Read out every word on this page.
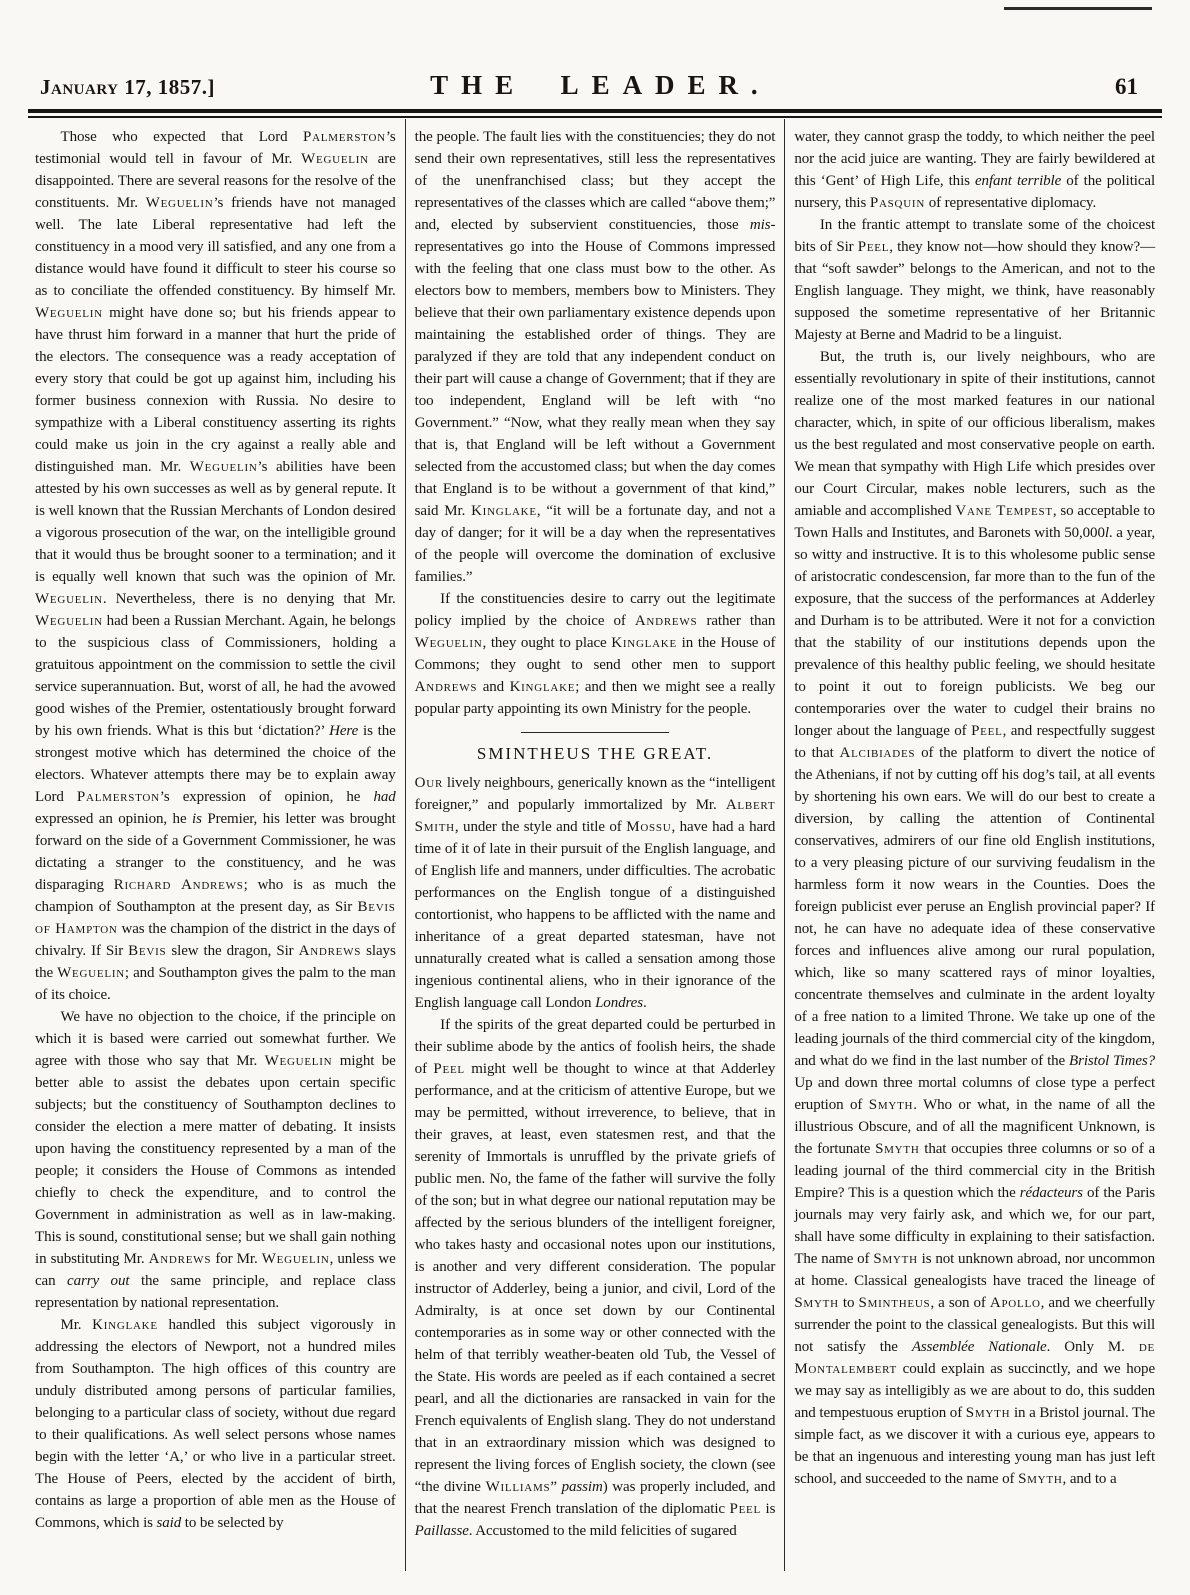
January 17, 1857.]	THE LEADER.	61

Those who expected that Lord Palmerston’s testimonial would tell in favour of Mr. Weguelin are disappointed. There are several reasons for the resolve of the constituents. Mr. Weguelin’s friends have not managed well. The late Liberal representative had left the constituency in a mood very ill satisfied, and any one from a distance would have found it difficult to steer his course so as to conciliate the offended constituency. By himself Mr. Weguelin might have done so; but his friends appear to have thrust him forward in a manner that hurt the pride of the electors. The consequence was a ready acceptation of every story that could be got up against him, including his former business connexion with Russia. No desire to sympathize with a Liberal constituency asserting its rights could make us join in the cry against a really able and distinguished man. Mr. Weguelin’s abilities have been attested by his own successes as well as by general repute. It is well known that the Russian Merchants of London desired a vigorous prosecution of the war, on the intelligible ground that it would thus be brought sooner to a termination; and it is equally well known that such was the opinion of Mr. Weguelin. Nevertheless, there is no denying that Mr. Weguelin had been a Russian Merchant. Again, he belongs to the suspicious class of Commissioners, holding a gratuitous appointment on the commission to settle the civil service superannuation. But, worst of all, he had the avowed good wishes of the Premier, ostentatiously brought forward by his own friends. What is this but ‘dictation?’ Here is the strongest motive which has determined the choice of the electors. Whatever attempts there may be to explain away Lord Palmerston’s expression of opinion, he had expressed an opinion, he is Premier, his letter was brought forward on the side of a Government Commissioner, he was dictating a stranger to the constituency, and he was disparaging Richard Andrews; who is as much the champion of Southampton at the present day, as Sir Bevis of Hampton was the champion of the district in the days of chivalry. If Sir Bevis slew the dragon, Sir Andrews slays the Weguelin; and Southampton gives the palm to the man of its choice.

We have no objection to the choice, if the principle on which it is based were carried out somewhat further. We agree with those who say that Mr. Weguelin might be better able to assist the debates upon certain specific subjects; but the constituency of Southampton declines to consider the election a mere matter of debating. It insists upon having the constituency represented by a man of the people; it considers the House of Commons as intended chiefly to check the expenditure, and to control the Government in administration as well as in law-making. This is sound, constitutional sense; but we shall gain nothing in substituting Mr. Andrews for Mr. Weguelin, unless we can carry out the same principle, and replace class representation by national representation.

Mr. Kinglake handled this subject vigorously in addressing the electors of Newport, not a hundred miles from Southampton. The high offices of this country are unduly distributed among persons of particular families, belonging to a particular class of society, without due regard to their qualifications. As well select persons whose names begin with the letter ‘A,’ or who live in a particular street. The House of Peers, elected by the accident of birth, contains as large a proportion of able men as the House of Commons, which is said to be selected by

the people. The fault lies with the constituencies; they do not send their own representatives, still less the representatives of the unenfranchised class; but they accept the representatives of the classes which are called “above them;” and, elected by subservient constituencies, those mis-representatives go into the House of Commons impressed with the feeling that one class must bow to the other. As electors bow to members, members bow to Ministers. They believe that their own parliamentary existence depends upon maintaining the established order of things. They are paralyzed if they are told that any independent conduct on their part will cause a change of Government; that if they are too independent, England will be left with “no Government.” “Now, what they really mean when they say that is, that England will be left without a Government selected from the accustomed class; but when the day comes that England is to be without a government of that kind,” said Mr. Kinglake, “it will be a fortunate day, and not a day of danger; for it will be a day when the representatives of the people will overcome the domination of exclusive families.”

If the constituencies desire to carry out the legitimate policy implied by the choice of Andrews rather than Weguelin, they ought to place Kinglake in the House of Commons; they ought to send other men to support Andrews and Kinglake; and then we might see a really popular party appointing its own Ministry for the people.

SMINTHEUS THE GREAT.

Our lively neighbours, generically known as the “intelligent foreigner,” and popularly immortalized by Mr. Albert Smith, under the style and title of Mossu, have had a hard time of it of late in their pursuit of the English language, and of English life and manners, under difficulties. The acrobatic performances on the English tongue of a distinguished contortionist, who happens to be afflicted with the name and inheritance of a great departed statesman, have not unnaturally created what is called a sensation among those ingenious continental aliens, who in their ignorance of the English language call London Londres.

If the spirits of the great departed could be perturbed in their sublime abode by the antics of foolish heirs, the shade of Peel might well be thought to wince at that Adderley performance, and at the criticism of attentive Europe, but we may be permitted, without irreverence, to believe, that in their graves, at least, even statesmen rest, and that the serenity of Immortals is unruffled by the private griefs of public men. No, the fame of the father will survive the folly of the son; but in what degree our national reputation may be affected by the serious blunders of the intelligent foreigner, who takes hasty and occasional notes upon our institutions, is another and very different consideration. The popular instructor of Adderley, being a junior, and civil, Lord of the Admiralty, is at once set down by our Continental contemporaries as in some way or other connected with the helm of that terribly weather-beaten old Tub, the Vessel of the State. His words are peeled as if each contained a secret pearl, and all the dictionaries are ransacked in vain for the French equivalents of English slang. They do not understand that in an extraordinary mission which was designed to represent the living forces of English society, the clown (see “the divine Williams” passim) was properly included, and that the nearest French translation of the diplomatic Peel is Paillasse. Accustomed to the mild felicities of sugared

water, they cannot grasp the toddy, to which neither the peel nor the acid juice are wanting. They are fairly bewildered at this ‘Gent’ of High Life, this enfant terrible of the political nursery, this Pasquin of representative diplomacy.

In the frantic attempt to translate some of the choicest bits of Sir Peel, they know not—how should they know?—that “soft sawder” belongs to the American, and not to the English language. They might, we think, have reasonably supposed the sometime representative of her Britannic Majesty at Berne and Madrid to be a linguist.

But, the truth is, our lively neighbours, who are essentially revolutionary in spite of their institutions, cannot realize one of the most marked features in our national character, which, in spite of our officious liberalism, makes us the best regulated and most conservative people on earth. We mean that sympathy with High Life which presides over our Court Circular, makes noble lecturers, such as the amiable and accomplished Vane Tempest, so acceptable to Town Halls and Institutes, and Baronets with 50,000l. a year, so witty and instructive. It is to this wholesome public sense of aristocratic condescension, far more than to the fun of the exposure, that the success of the performances at Adderley and Durham is to be attributed. Were it not for a conviction that the stability of our institutions depends upon the prevalence of this healthy public feeling, we should hesitate to point it out to foreign publicists. We beg our contemporaries over the water to cudgel their brains no longer about the language of Peel, and respectfully suggest to that Alcibiades of the platform to divert the notice of the Athenians, if not by cutting off his dog’s tail, at all events by shortening his own ears. We will do our best to create a diversion, by calling the attention of Continental conservatives, admirers of our fine old English institutions, to a very pleasing picture of our surviving feudalism in the harmless form it now wears in the Counties. Does the foreign publicist ever peruse an English provincial paper? If not, he can have no adequate idea of these conservative forces and influences alive among our rural population, which, like so many scattered rays of minor loyalties, concentrate themselves and culminate in the ardent loyalty of a free nation to a limited Throne. We take up one of the leading journals of the third commercial city of the kingdom, and what do we find in the last number of the Bristol Times? Up and down three mortal columns of close type a perfect eruption of Smyth. Who or what, in the name of all the illustrious Obscure, and of all the magnificent Unknown, is the fortunate Smyth that occupies three columns or so of a leading journal of the third commercial city in the British Empire? This is a question which the rédacteurs of the Paris journals may very fairly ask, and which we, for our part, shall have some difficulty in explaining to their satisfaction. The name of Smyth is not unknown abroad, nor uncommon at home. Classical genealogists have traced the lineage of Smyth to Smintheus, a son of Apollo, and we cheerfully surrender the point to the classical genealogists. But this will not satisfy the Assemblée Nationale. Only M. de Montalembert could explain as succinctly, and we hope we may say as intelligibly as we are about to do, this sudden and tempestuous eruption of Smyth in a Bristol journal. The simple fact, as we discover it with a curious eye, appears to be that an ingenuous and interesting young man has just left school, and succeeded to the name of Smyth, and to a
